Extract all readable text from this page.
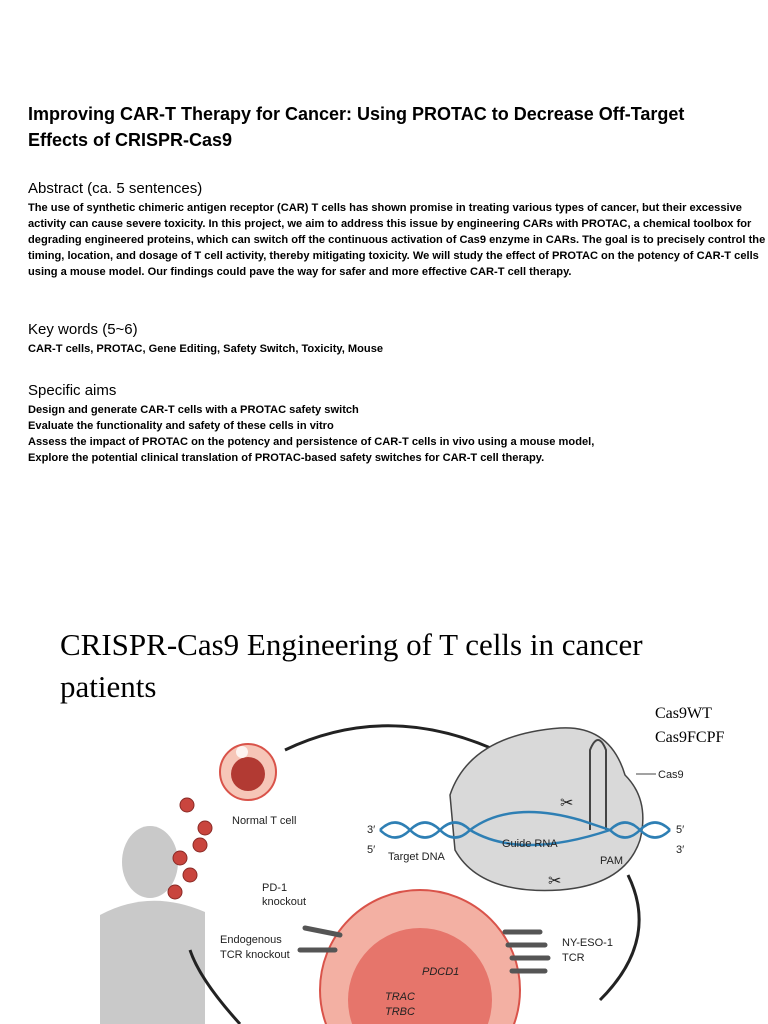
Improving CAR-T Therapy for Cancer: Using PROTAC to Decrease Off-Target Effects of CRISPR-Cas9
Abstract (ca. 5 sentences)
The use of synthetic chimeric antigen receptor (CAR) T cells has shown promise in treating various types of cancer, but their excessive activity can cause severe toxicity. In this project, we aim to address this issue by engineering CARs with PROTAC, a chemical toolbox for degrading engineered proteins, which can switch off the continuous activation of Cas9 enzyme in CARs. The goal is to precisely control the timing, location, and dosage of T cell activity, thereby mitigating toxicity. We will study the effect of PROTAC on the potency of CAR-T cells using a mouse model. Our findings could pave the way for safer and more effective CAR-T cell therapy.
Key words (5~6)
CAR-T cells, PROTAC, Gene Editing, Safety Switch, Toxicity, Mouse
Specific aims
Design and generate CAR-T cells with a PROTAC safety switch
Evaluate the functionality and safety of these cells in vitro
Assess the impact of PROTAC on the potency and persistence of CAR-T cells in vivo using a mouse model,
Explore the potential clinical translation of PROTAC-based safety switches for CAR-T cell therapy.
CRISPR-Cas9 Engineering of T cells in cancer patients
Cas9WT
Cas9FCPF
Normal T cell
Cas9
3′
5′
5′
3′
Target DNA
Guide RNA
PAM
✂
✂
PD-1
knockout
Endogenous
TCR knockout
PDCD1
TRAC
TRBC
NY-ESO-1
TCR
